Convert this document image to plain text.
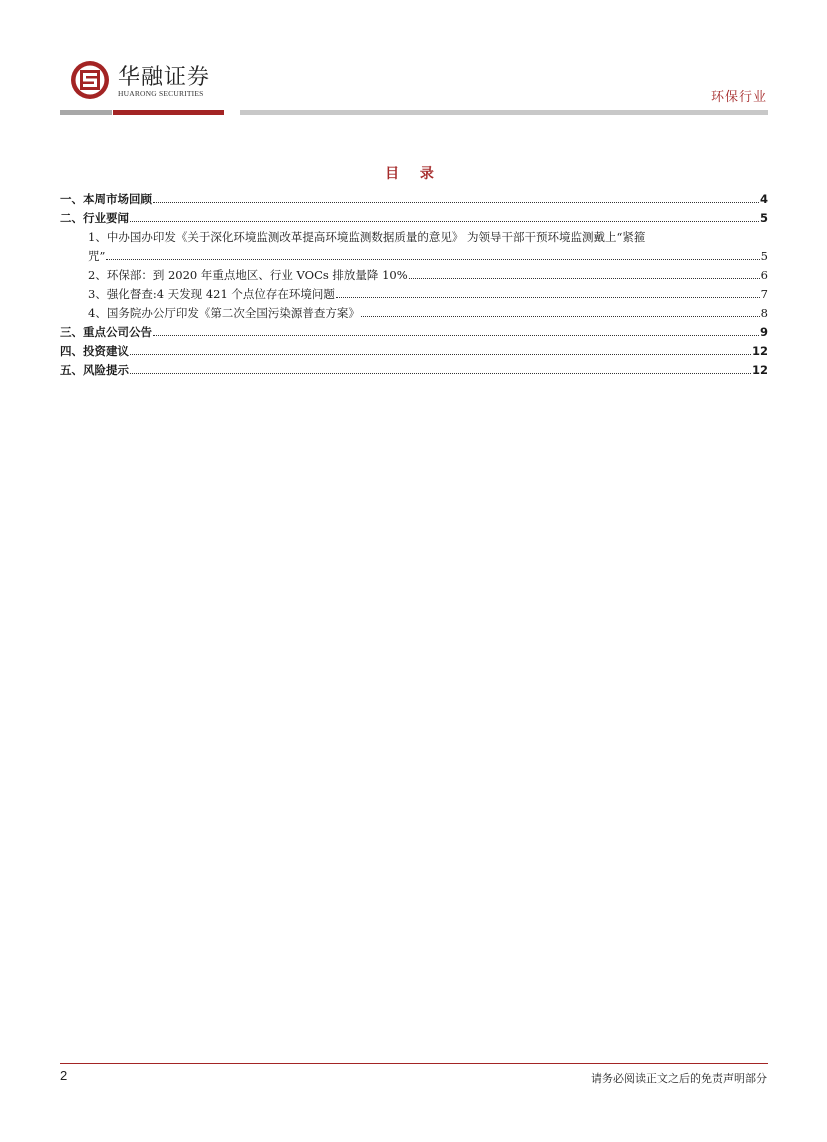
华融证券
HUARONG SECURITIES	环保行业
目 录
一、本周市场回顾	4
二、行业要闻	5
1、中办国办印发《关于深化环境监测改革提高环境监测数据质量的意见》 为领导干部干预环境监测戴上“紧箍
咒”	5
2、环保部：到 2020 年重点地区、行业 VOCs 排放量降 10%	6
3、强化督查:4 天发现 421 个点位存在环境问题	7
4、国务院办公厅印发《第二次全国污染源普查方案》	8
三、重点公司公告	9
四、投资建议	12
五、风险提示	12
2	请务必阅读正文之后的免责声明部分
